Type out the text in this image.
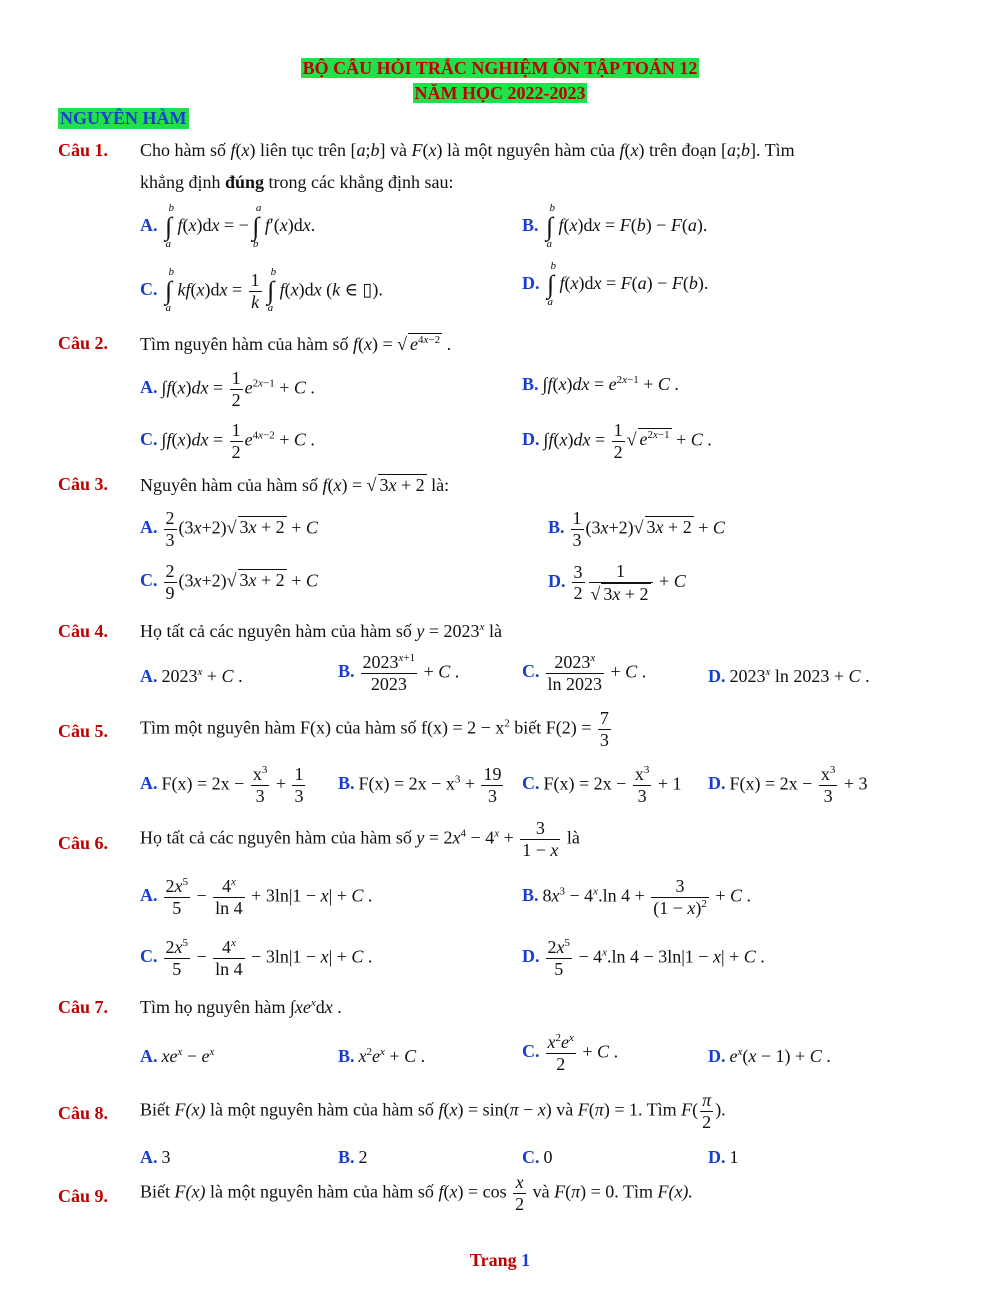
BỘ CÂU HỎI TRẮC NGHIỆM ÔN TẬP TOÁN 12
NĂM HỌC 2022-2023
NGUYÊN HÀM
Câu 1. Cho hàm số f(x) liên tục trên [a;b] và F(x) là một nguyên hàm của f(x) trên đoạn [a;b]. Tìm
khẳng định đúng trong các khẳng định sau:
A. ∫
b
a
f(x)dx = − ∫
a
b
f′(x)dx.	B. ∫
b
a
f(x)dx = F(b) − F(a).
C. ∫
b
a
$kf(x)dx = \frac{1}{k}$ ∫
b
a
f(x)dx (k ∈ ▯).	D. ∫
b
a
f(x)dx = F(a) − F(b).
Câu 2. Tìm nguyên hàm của hàm số f(x) = √ $e^{4x-2}$ .
A. $\int f(x)dx = \frac{1}{2} e^{2x-1} + C$ .	B. $\int f(x)dx = e^{2x-1} + C$ .
C. $\int f(x)dx = \frac{1}{2} e^{4x-2} + C$ .	D. $\int f(x)dx = \frac{1}{2}$ √ $e^{2x-1} + C$ .
Câu 3. Nguyên hàm của hàm số f(x) = √ 3x + 2 là:
A. $\frac{2}{3} (3x+2)√$ 3x + 2 + C	B. $\frac{1}{3} (3x+2)√$ 3x + 2 + C
C. $\frac{2}{9} (3x+2)√$ 3x + 2 + C	D. $\frac{3}{2} \frac{1}{√ 3x + 2} + C$
Câu 4. Họ tất cả các nguyên hàm của hàm số $y = 2023^x$ là
A. $2023^x + C$ .	B. $\frac{2023^{x+1}}{2023} + C$ .	C. $\frac{2023^x}{\ln 2023} + C$ .	D. 2023$^x$ ln 2023 + C .
Câu 5. Tìm một nguyên hàm F(x) của hàm số $f(x) = 2 - x^2$ biết $F(2) = \frac{7}{3}$
A. $F(x) = 2x - \frac{x^3}{3} + \frac{1}{3} B$. $F(x) = 2x - x^3 + \frac{19}{3} C$. $F(x) = 2x - \frac{x^3}{3} + 1$ D. $F(x) = 2x - \frac{x^3}{3} + 3$
Câu 6. Họ tất cả các nguyên hàm của hàm số $y = 2x^4 - 4^x + \frac{3}{1 - x}$ là
A. $\frac{2x^5}{5} - \frac{4^x}{\ln 4} + 3\ln|1 - x| + C$ .	B. $8x^3 - 4^x.\ln$ $4 + \frac{3}{(1 - x)^2} + C$ .
C. $\frac{2x^5}{5} - \frac{4^x}{\ln 4} - 3\ln|1 - x| + C$ .	D. $\frac{2x^5}{5} - 4^x.\ln$ 4 − 3ln|1 − x| + C .
Câu 7. Tìm họ nguyên hàm $\int xe^xdx$ .
A. $xe^x - e^x$	B. $x^2e^x + C$ .	C. $\frac{x^2e^x}{2} + C$ .	D. $e^x(x - 1) + C$ .
Câu 8. Biết F(x) là một nguyên hàm của hàm số f(x) = sin(π − x) và F(π) = 1. Tìm $F( \frac{\pi}{2}$ ).
A. 3	B. 2	C. 0	D. 1
Câu 9. Biết F(x) là một nguyên hàm của hàm số $f(x) = \cos \frac{x}{2}$ và F(π) = 0. Tìm F(x).
Trang 1
